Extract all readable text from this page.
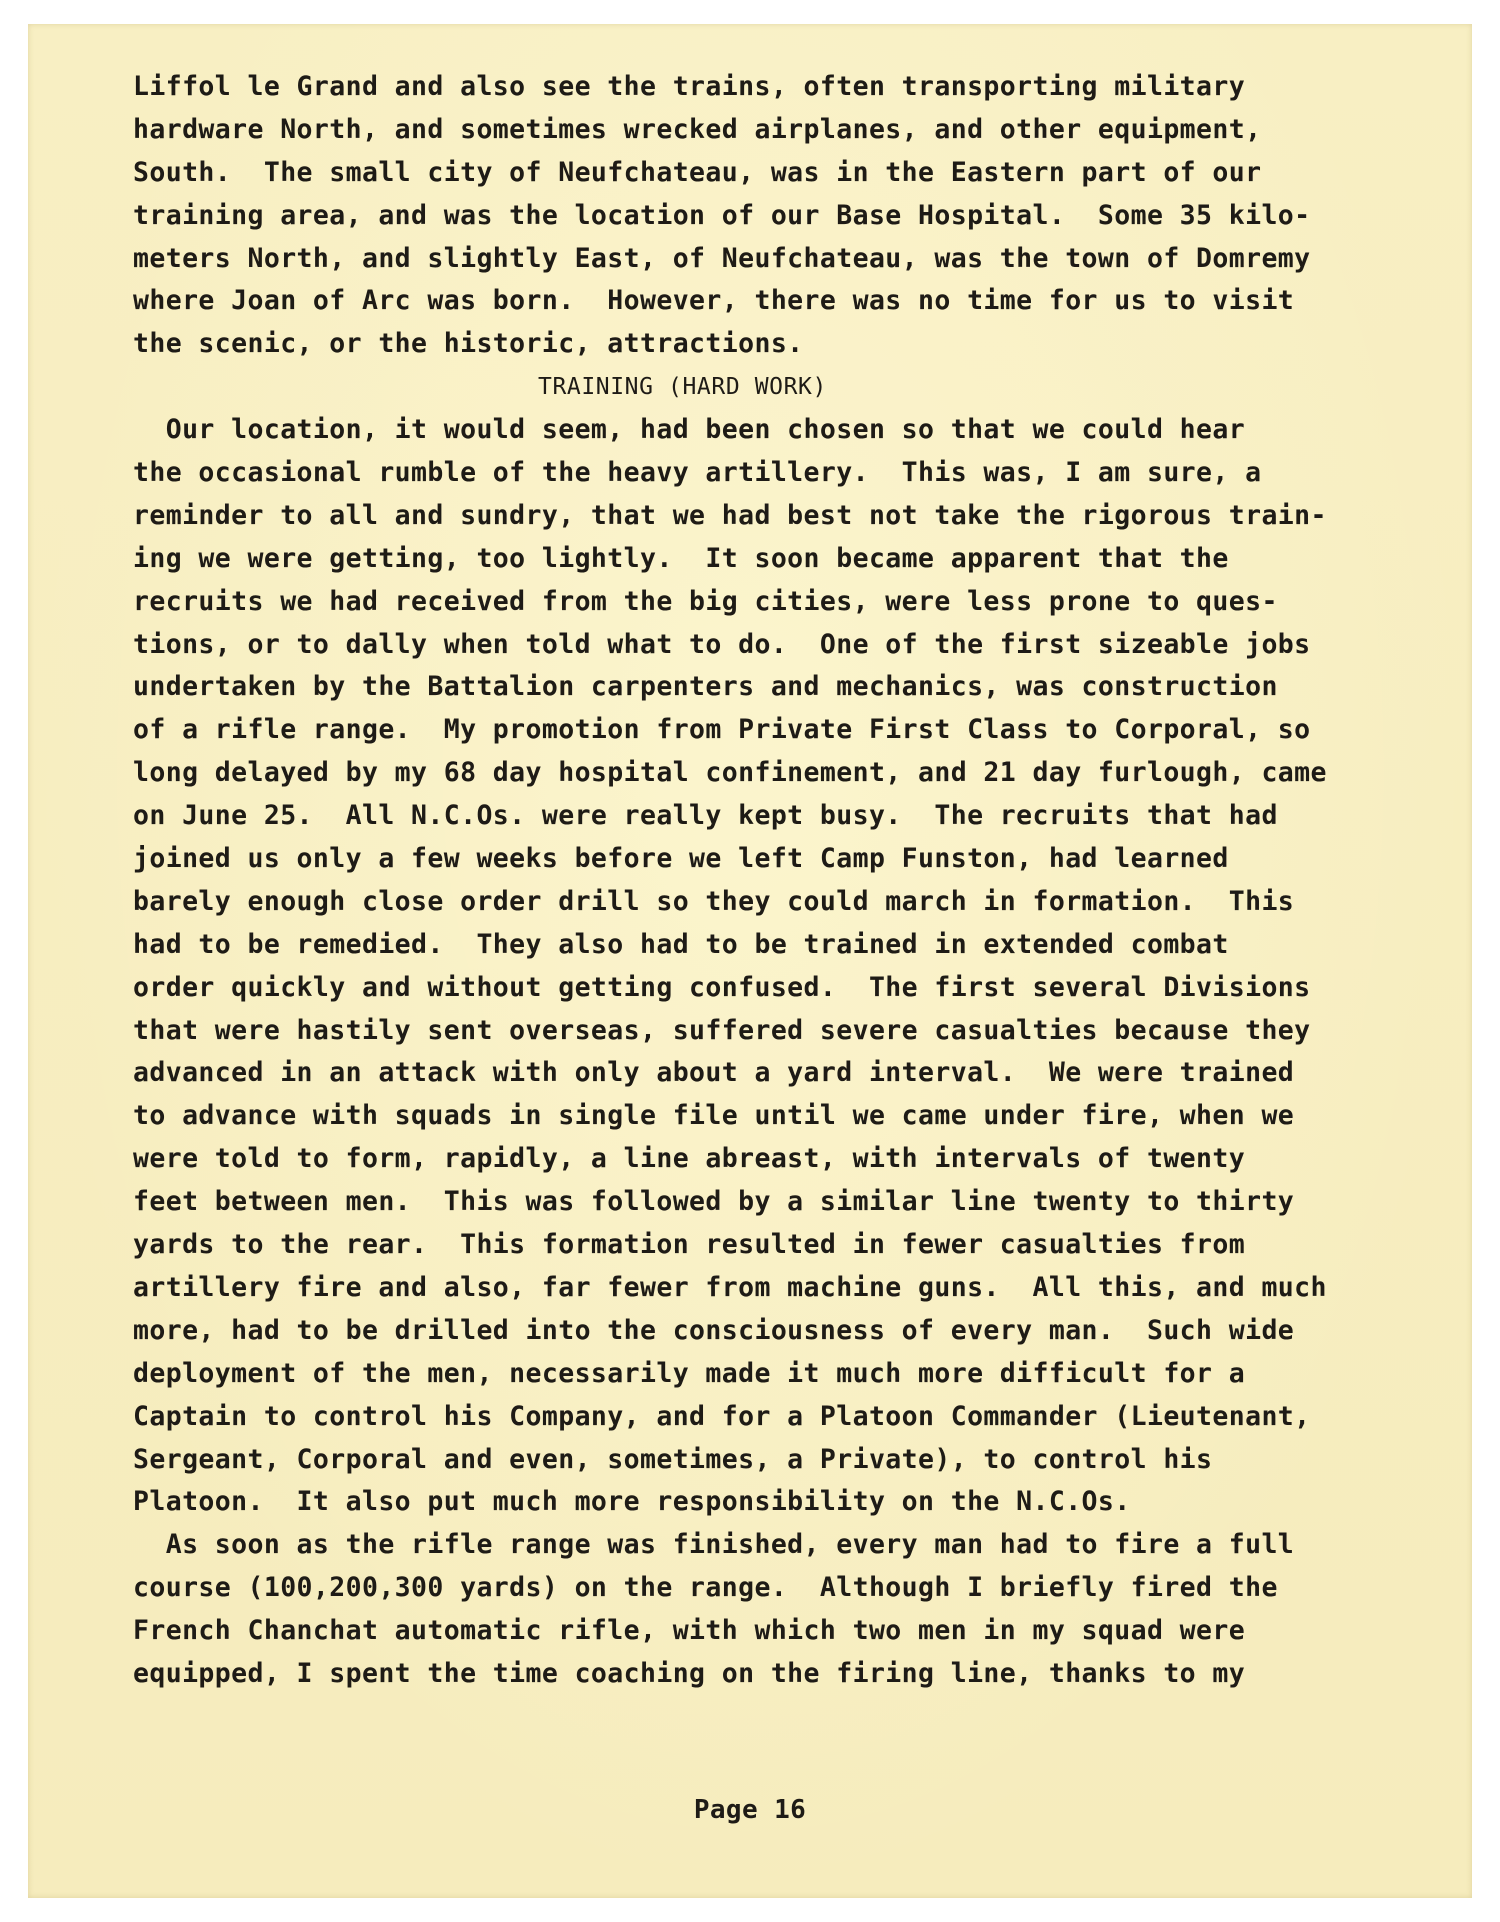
Liffol le Grand and also see the trains, often transporting military
hardware North, and sometimes wrecked airplanes, and other equipment,
South.  The small city of Neufchateau, was in the Eastern part of our
training area, and was the location of our Base Hospital.  Some 35 kilo-
meters North, and slightly East, of Neufchateau, was the town of Domremy
where Joan of Arc was born.  However, there was no time for us to visit
the scenic, or the historic, attractions.
TRAINING (HARD WORK)
Our location, it would seem, had been chosen so that we could hear
the occasional rumble of the heavy artillery.  This was, I am sure, a
reminder to all and sundry, that we had best not take the rigorous train-
ing we were getting, too lightly.  It soon became apparent that the
recruits we had received from the big cities, were less prone to ques-
tions, or to dally when told what to do.  One of the first sizeable jobs
undertaken by the Battalion carpenters and mechanics, was construction
of a rifle range.  My promotion from Private First Class to Corporal, so
long delayed by my 68 day hospital confinement, and 21 day furlough, came
on June 25.  All N.C.Os. were really kept busy.  The recruits that had
joined us only a few weeks before we left Camp Funston, had learned
barely enough close order drill so they could march in formation.  This
had to be remedied.  They also had to be trained in extended combat
order quickly and without getting confused.  The first several Divisions
that were hastily sent overseas, suffered severe casualties because they
advanced in an attack with only about a yard interval.  We were trained
to advance with squads in single file until we came under fire, when we
were told to form, rapidly, a line abreast, with intervals of twenty
feet between men.  This was followed by a similar line twenty to thirty
yards to the rear.  This formation resulted in fewer casualties from
artillery fire and also, far fewer from machine guns.  All this, and much
more, had to be drilled into the consciousness of every man.  Such wide
deployment of the men, necessarily made it much more difficult for a
Captain to control his Company, and for a Platoon Commander (Lieutenant,
Sergeant, Corporal and even, sometimes, a Private), to control his
Platoon.  It also put much more responsibility on the N.C.Os.
As soon as the rifle range was finished, every man had to fire a full
course (100,200,300 yards) on the range.  Although I briefly fired the
French Chanchat automatic rifle, with which two men in my squad were
equipped, I spent the time coaching on the firing line, thanks to my
Page 16
